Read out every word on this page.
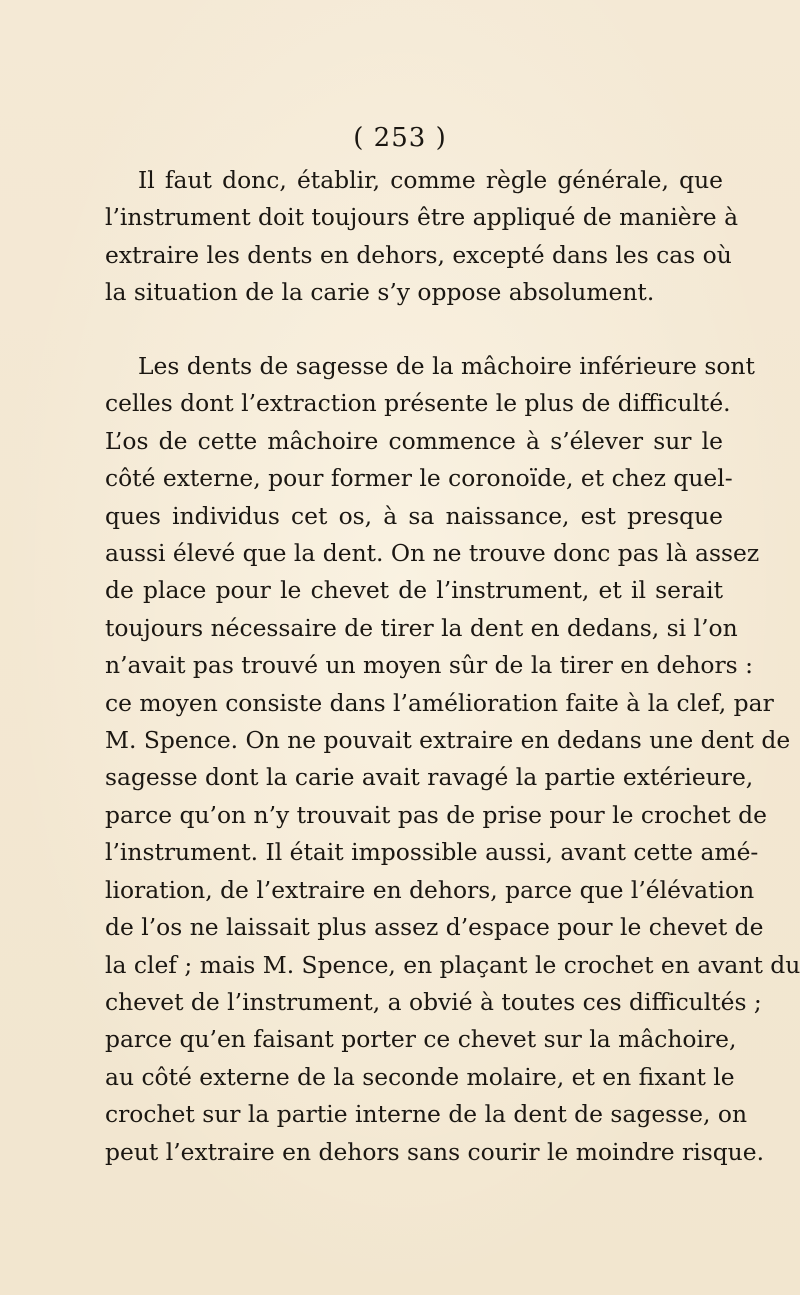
( 253 )
Il faut donc, établir, comme règle générale, que
l’instrument doit toujours être appliqué de manière à
extraire les dents en dehors, excepté dans les cas où
la situation de la carie s’y oppose absolument.
Les dents de sagesse de la mâchoire inférieure sont
celles dont l’extraction présente le plus de difficulté.
L’os de cette mâchoire commence à s’élever sur le
côté externe, pour former le coronoïde, et chez quel-
ques individus cet os, à sa naissance, est presque
aussi élevé que la dent. On ne trouve donc pas là assez
de place pour le chevet de l’instrument, et il serait
toujours nécessaire de tirer la dent en dedans, si l’on
n’avait pas trouvé un moyen sûr de la tirer en dehors :
ce moyen consiste dans l’amélioration faite à la clef, par
M. Spence. On ne pouvait extraire en dedans une dent de
sagesse dont la carie avait ravagé la partie extérieure,
parce qu’on n’y trouvait pas de prise pour le crochet de
l’instrument. Il était impossible aussi, avant cette amé-
lioration, de l’extraire en dehors, parce que l’élévation
de l’os ne laissait plus assez d’espace pour le chevet de
la clef ; mais M. Spence, en plaçant le crochet en avant du
chevet de l’instrument, a obvié à toutes ces difficultés ;
parce qu’en faisant porter ce chevet sur la mâchoire,
au côté externe de la seconde molaire, et en fixant le
crochet sur la partie interne de la dent de sagesse, on
peut l’extraire en dehors sans courir le moindre risque.
